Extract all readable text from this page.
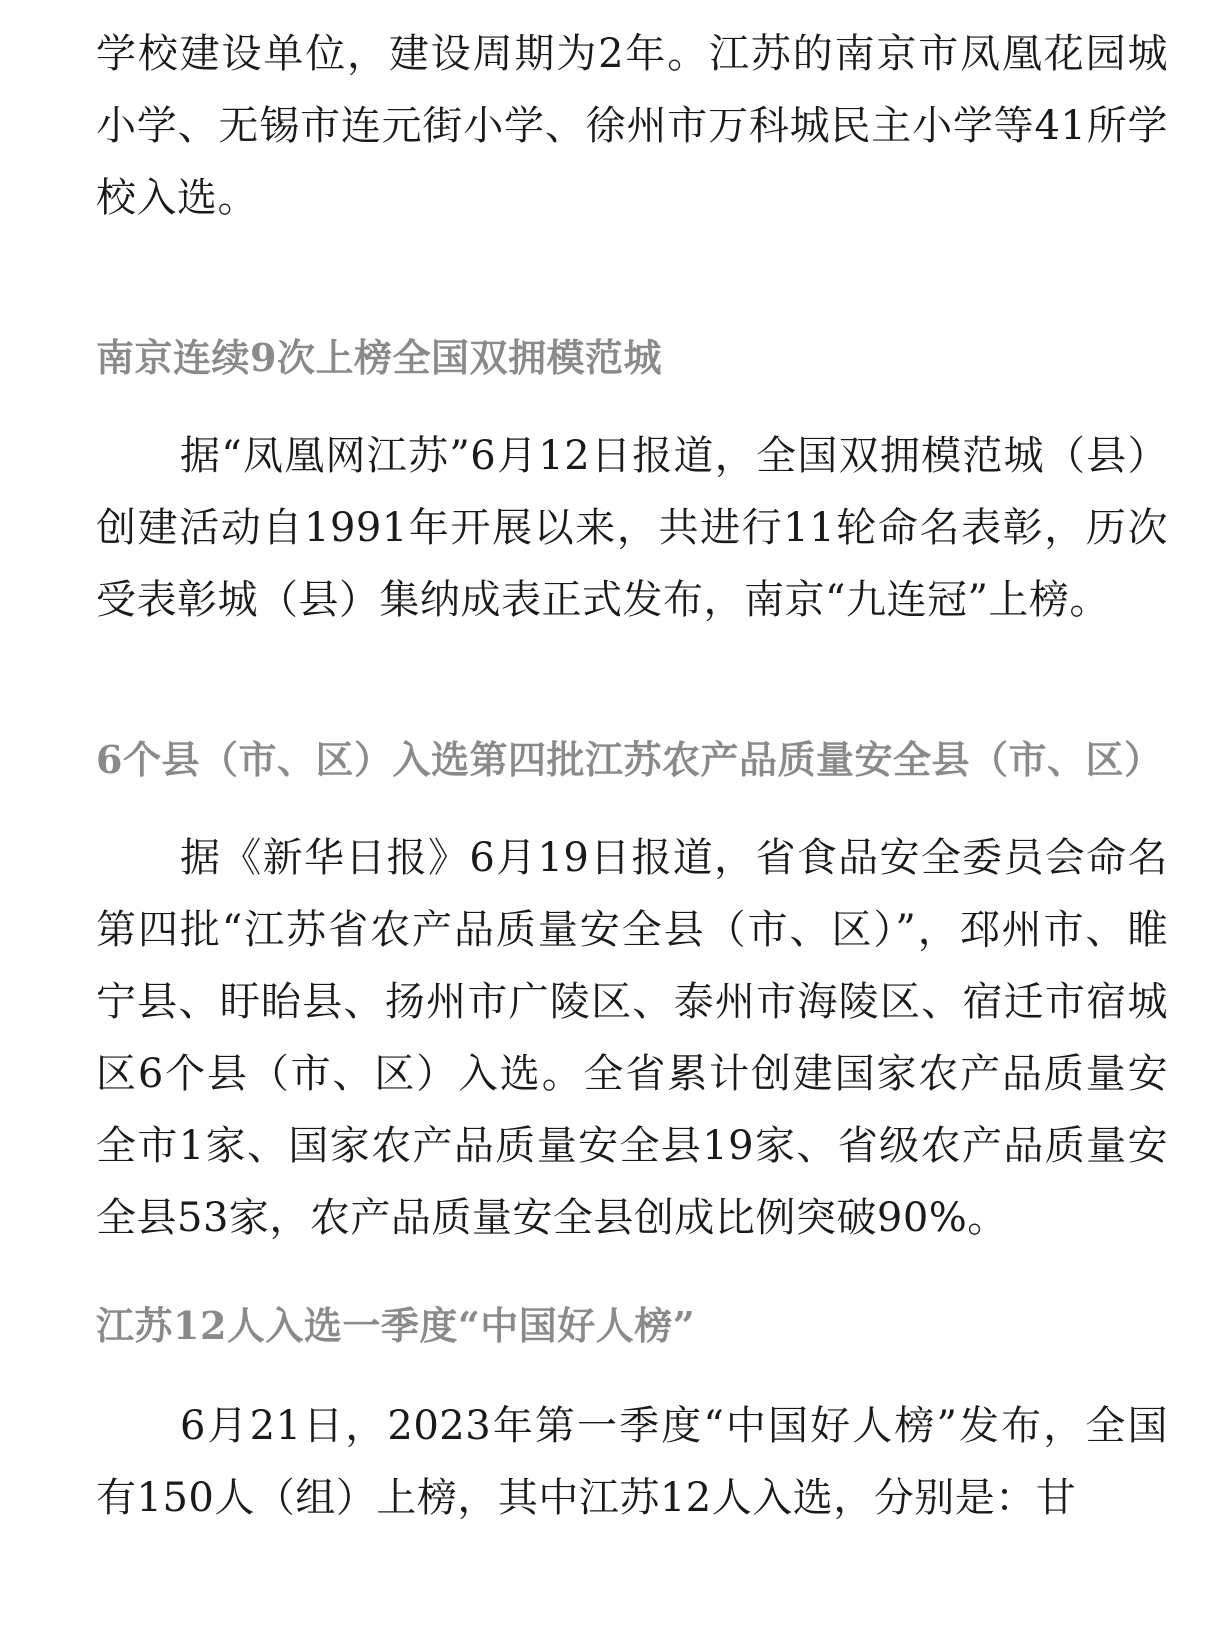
学校建设单位，建设周期为2年。江苏的南京市凤凰花园城小学、无锡市连元街小学、徐州市万科城民主小学等41所学校入选。

南京连续9次上榜全国双拥模范城

据“凤凰网江苏”6月12日报道，全国双拥模范城（县）创建活动自1991年开展以来，共进行11轮命名表彰，历次受表彰城（县）集纳成表正式发布，南京“九连冠”上榜。

6个县（市、区）入选第四批江苏农产品质量安全县（市、区）

据《新华日报》6月19日报道，省食品安全委员会命名第四批“江苏省农产品质量安全县（市、区）”，邳州市、睢宁县、盱眙县、扬州市广陵区、泰州市海陵区、宿迁市宿城区6个县（市、区）入选。全省累计创建国家农产品质量安全市1家、国家农产品质量安全县19家、省级农产品质量安全县53家，农产品质量安全县创成比例突破90%。

江苏12人入选一季度“中国好人榜”

6月21日，2023年第一季度“中国好人榜”发布，全国有150人（组）上榜，其中江苏12人入选，分别是：甘
